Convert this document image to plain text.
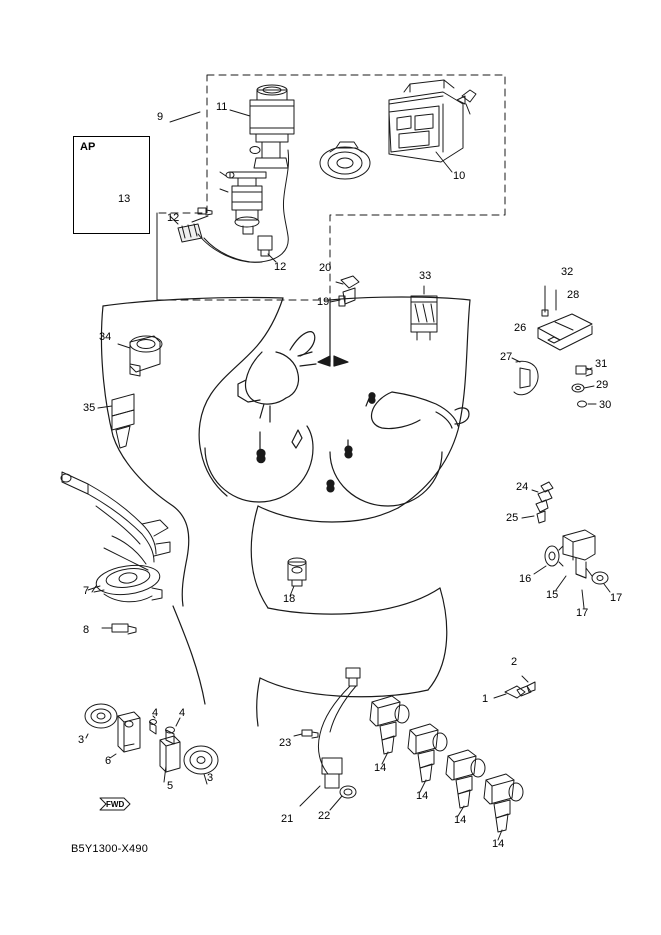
AP
FWD
B5Y1300-X490
9
11
13
12
12
10
20
19
33	32
28
26
27
31
29
30
34
35
24
25
16
15
17
17
18
7
8
2
1
23
3
4 4
6
5
3
21 22
14
14
14
14
